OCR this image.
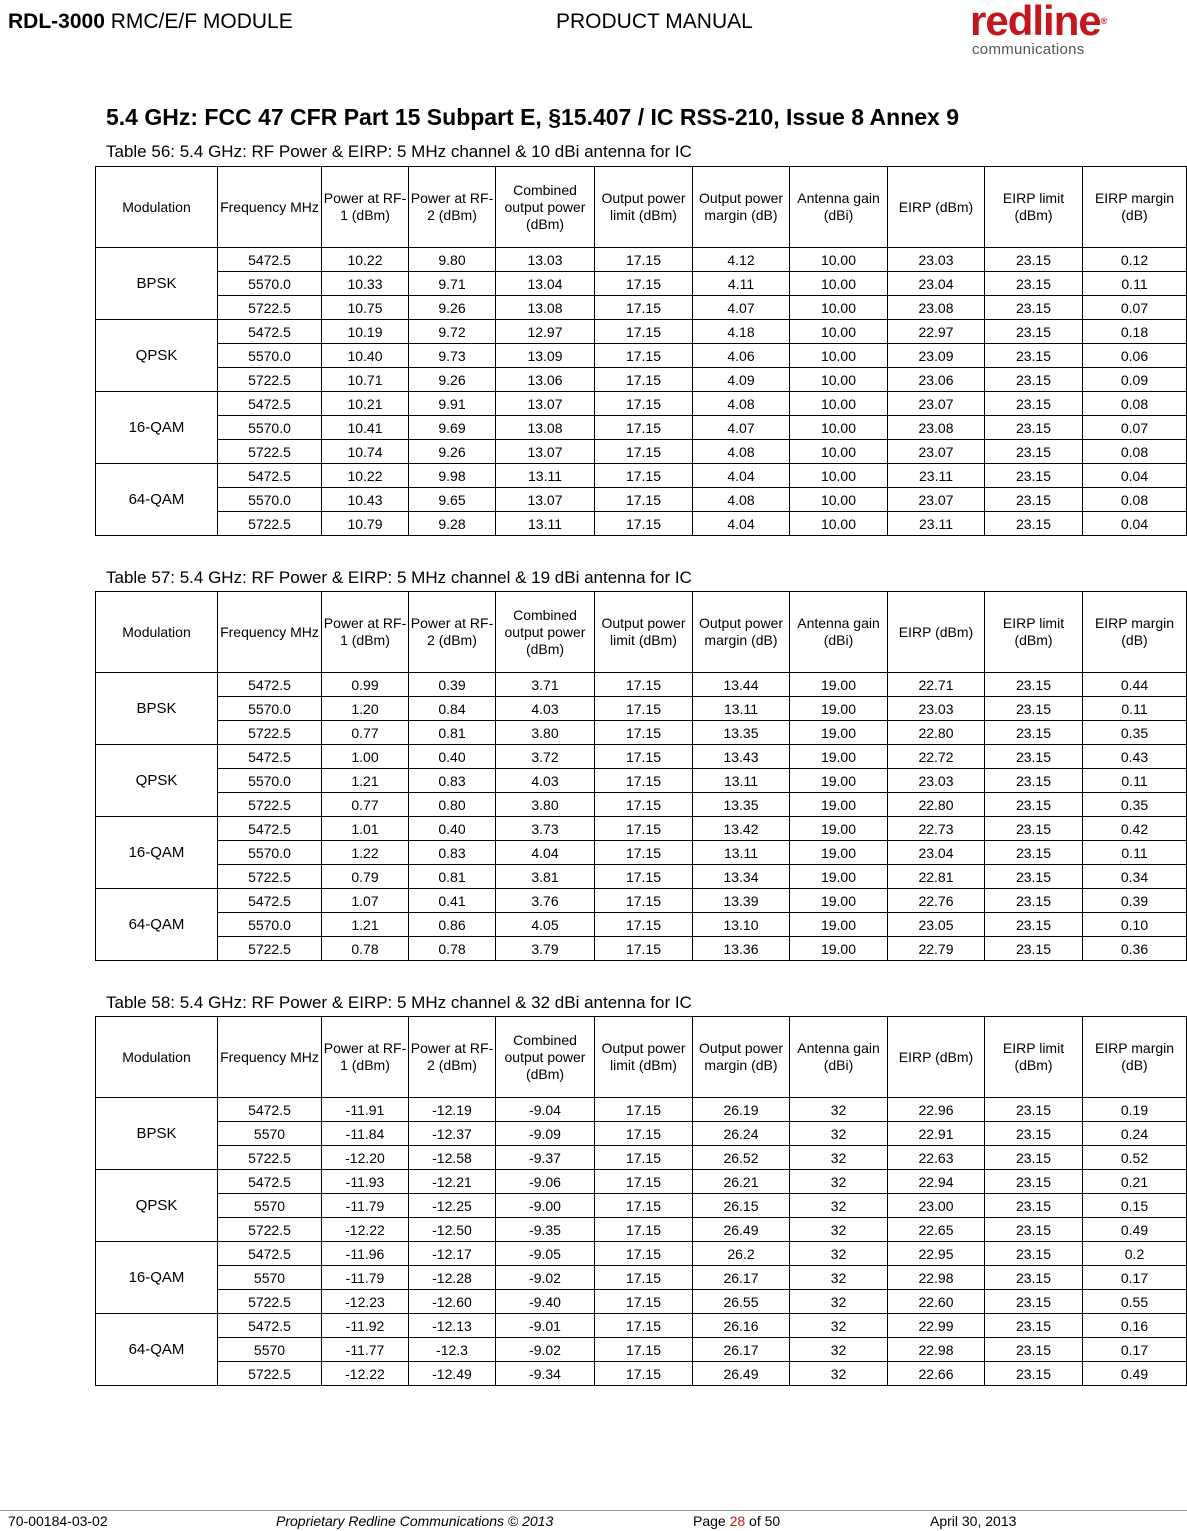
RDL-3000 RMC/E/F MODULE	PRODUCT MANUAL	redline®
communications
5.4 GHz: FCC 47 CFR Part 15 Subpart E, §15.407 / IC RSS-210, Issue 8 Annex 9
Table 56: 5.4 GHz: RF Power & EIRP: 5 MHz channel & 10 dBi antenna for IC
Modulation	Frequency MHz	Power at RF-1 (dBm)	Power at RF-2 (dBm)	Combined output power (dBm)	Output power limit (dBm)	Output power margin (dB)	Antenna gain (dBi)	EIRP (dBm)	EIRP limit (dBm)	EIRP margin (dB)
BPSK	5472.5	10.22	9.80	13.03	17.15	4.12	10.00	23.03	23.15	0.12
	5570.0	10.33	9.71	13.04	17.15	4.11	10.00	23.04	23.15	0.11
	5722.5	10.75	9.26	13.08	17.15	4.07	10.00	23.08	23.15	0.07
QPSK	5472.5	10.19	9.72	12.97	17.15	4.18	10.00	22.97	23.15	0.18
	5570.0	10.40	9.73	13.09	17.15	4.06	10.00	23.09	23.15	0.06
	5722.5	10.71	9.26	13.06	17.15	4.09	10.00	23.06	23.15	0.09
16-QAM	5472.5	10.21	9.91	13.07	17.15	4.08	10.00	23.07	23.15	0.08
	5570.0	10.41	9.69	13.08	17.15	4.07	10.00	23.08	23.15	0.07
	5722.5	10.74	9.26	13.07	17.15	4.08	10.00	23.07	23.15	0.08
64-QAM	5472.5	10.22	9.98	13.11	17.15	4.04	10.00	23.11	23.15	0.04
	5570.0	10.43	9.65	13.07	17.15	4.08	10.00	23.07	23.15	0.08
	5722.5	10.79	9.28	13.11	17.15	4.04	10.00	23.11	23.15	0.04
Table 57: 5.4 GHz: RF Power & EIRP: 5 MHz channel & 19 dBi antenna for IC
Modulation	Frequency MHz	Power at RF-1 (dBm)	Power at RF-2 (dBm)	Combined output power (dBm)	Output power limit (dBm)	Output power margin (dB)	Antenna gain (dBi)	EIRP (dBm)	EIRP limit (dBm)	EIRP margin (dB)
BPSK	5472.5	0.99	0.39	3.71	17.15	13.44	19.00	22.71	23.15	0.44
	5570.0	1.20	0.84	4.03	17.15	13.11	19.00	23.03	23.15	0.11
	5722.5	0.77	0.81	3.80	17.15	13.35	19.00	22.80	23.15	0.35
QPSK	5472.5	1.00	0.40	3.72	17.15	13.43	19.00	22.72	23.15	0.43
	5570.0	1.21	0.83	4.03	17.15	13.11	19.00	23.03	23.15	0.11
	5722.5	0.77	0.80	3.80	17.15	13.35	19.00	22.80	23.15	0.35
16-QAM	5472.5	1.01	0.40	3.73	17.15	13.42	19.00	22.73	23.15	0.42
	5570.0	1.22	0.83	4.04	17.15	13.11	19.00	23.04	23.15	0.11
	5722.5	0.79	0.81	3.81	17.15	13.34	19.00	22.81	23.15	0.34
64-QAM	5472.5	1.07	0.41	3.76	17.15	13.39	19.00	22.76	23.15	0.39
	5570.0	1.21	0.86	4.05	17.15	13.10	19.00	23.05	23.15	0.10
	5722.5	0.78	0.78	3.79	17.15	13.36	19.00	22.79	23.15	0.36
Table 58: 5.4 GHz: RF Power & EIRP: 5 MHz channel & 32 dBi antenna for IC
Modulation	Frequency MHz	Power at RF-1 (dBm)	Power at RF-2 (dBm)	Combined output power (dBm)	Output power limit (dBm)	Output power margin (dB)	Antenna gain (dBi)	EIRP (dBm)	EIRP limit (dBm)	EIRP margin (dB)
BPSK	5472.5	-11.91	-12.19	-9.04	17.15	26.19	32	22.96	23.15	0.19
	5570	-11.84	-12.37	-9.09	17.15	26.24	32	22.91	23.15	0.24
	5722.5	-12.20	-12.58	-9.37	17.15	26.52	32	22.63	23.15	0.52
QPSK	5472.5	-11.93	-12.21	-9.06	17.15	26.21	32	22.94	23.15	0.21
	5570	-11.79	-12.25	-9.00	17.15	26.15	32	23.00	23.15	0.15
	5722.5	-12.22	-12.50	-9.35	17.15	26.49	32	22.65	23.15	0.49
16-QAM	5472.5	-11.96	-12.17	-9.05	17.15	26.2	32	22.95	23.15	0.2
	5570	-11.79	-12.28	-9.02	17.15	26.17	32	22.98	23.15	0.17
	5722.5	-12.23	-12.60	-9.40	17.15	26.55	32	22.60	23.15	0.55
64-QAM	5472.5	-11.92	-12.13	-9.01	17.15	26.16	32	22.99	23.15	0.16
	5570	-11.77	-12.3	-9.02	17.15	26.17	32	22.98	23.15	0.17
	5722.5	-12.22	-12.49	-9.34	17.15	26.49	32	22.66	23.15	0.49
70-00184-03-02	Proprietary Redline Communications © 2013	Page 28 of 50	April 30, 2013
